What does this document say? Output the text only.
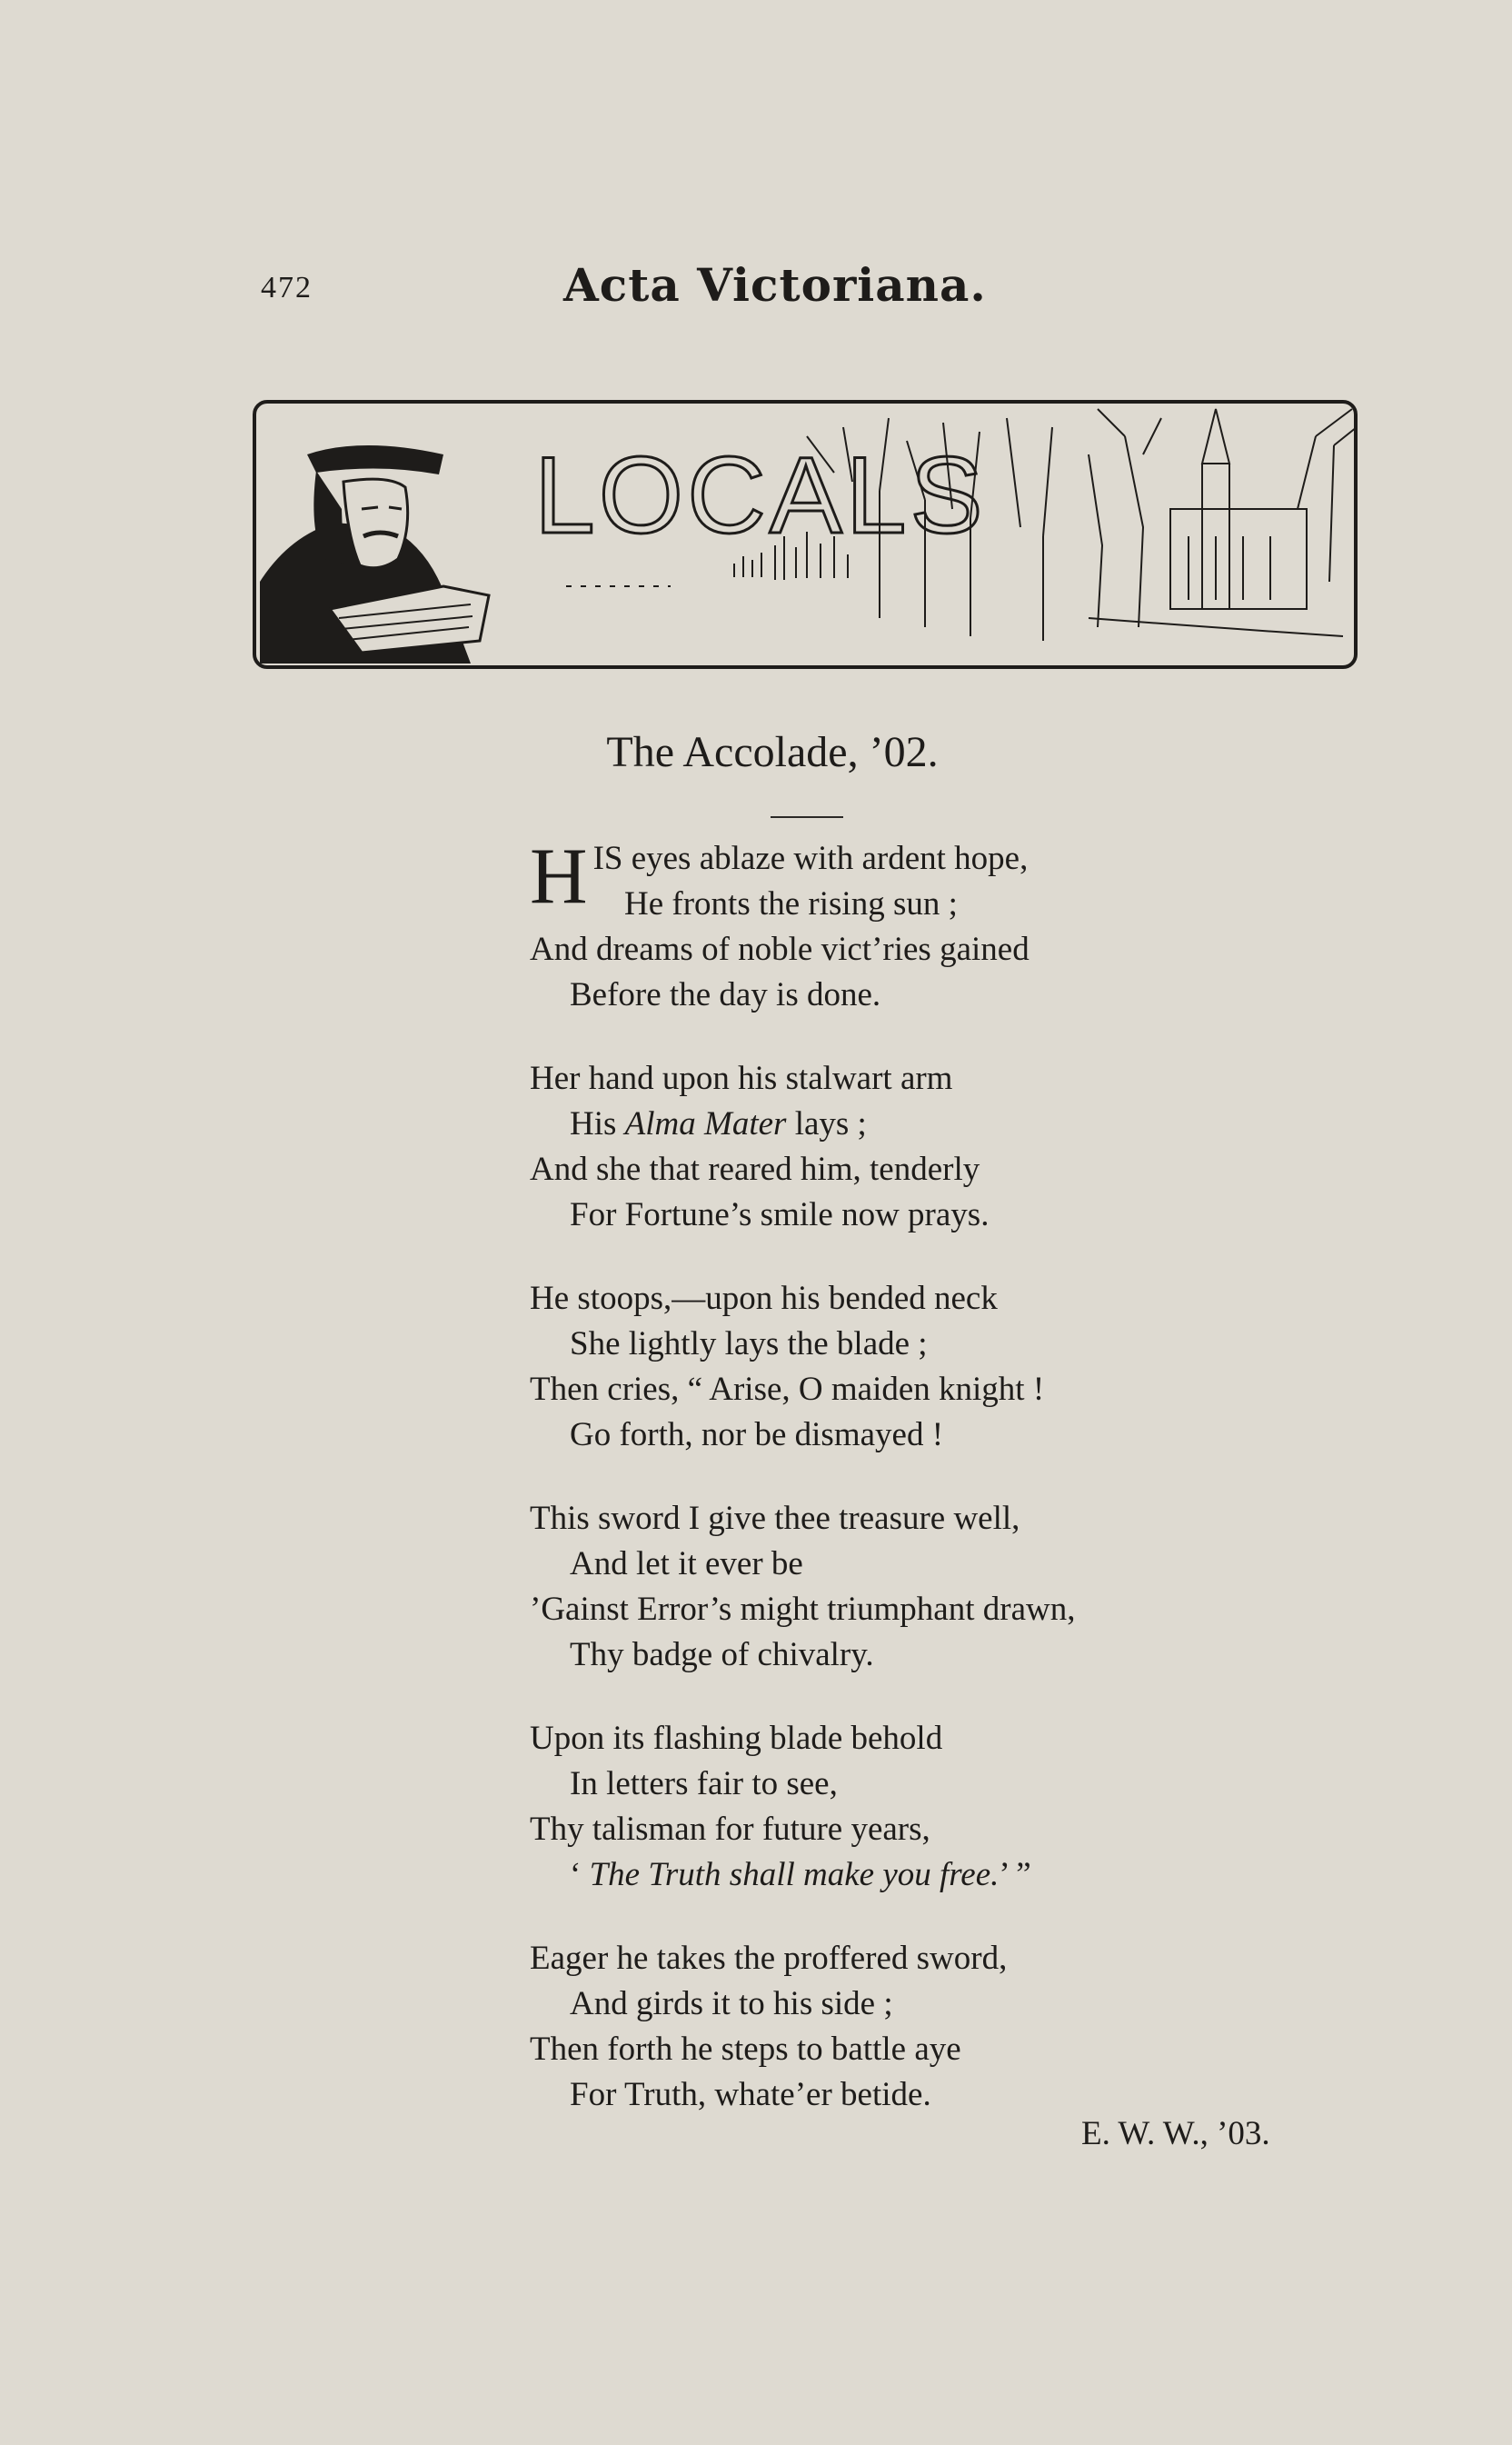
472	Acta Victoriana.
LOCALS
The Accolade, ’02.
HIS eyes ablaze with ardent hope,
He fronts the rising sun ;
And dreams of noble vict’ries gained
Before the day is done.
Her hand upon his stalwart arm
His Alma Mater lays ;
And she that reared him, tenderly
For Fortune’s smile now prays.
He stoops,—upon his bended neck
She lightly lays the blade ;
Then cries, “ Arise, O maiden knight !
Go forth, nor be dismayed !
This sword I give thee treasure well,
And let it ever be
’Gainst Error’s might triumphant drawn,
Thy badge of chivalry.
Upon its flashing blade behold
In letters fair to see,
Thy talisman for future years,
‘ The Truth shall make you free.’ ”
Eager he takes the proffered sword,
And girds it to his side ;
Then forth he steps to battle aye
For Truth, whate’er betide.
E. W. W., ’03.
